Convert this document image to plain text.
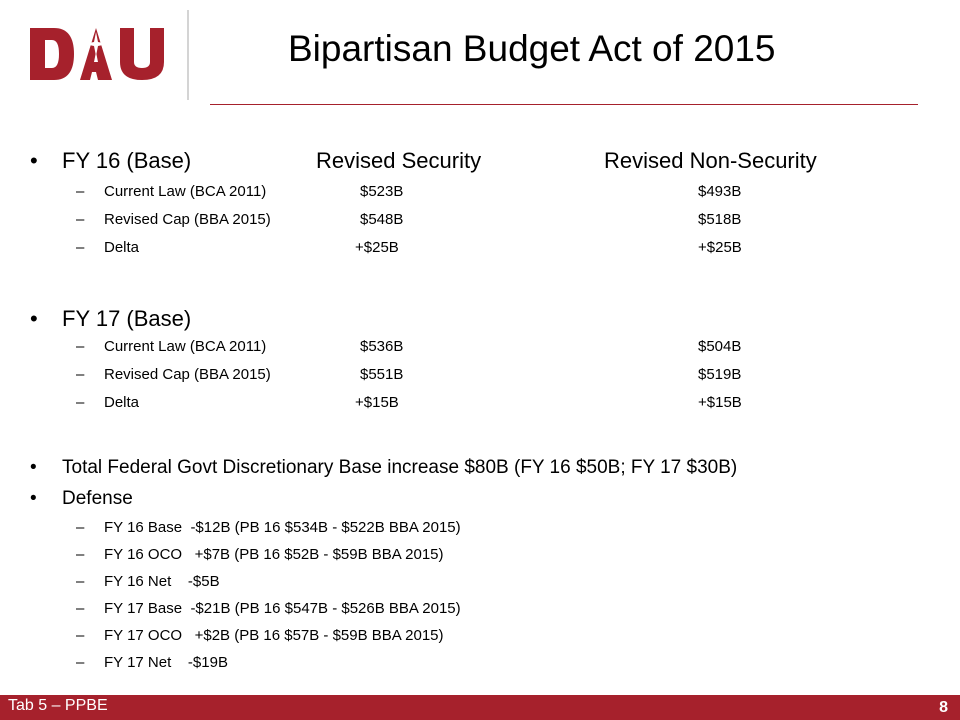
Bipartisan Budget Act of 2015
• FY 16 (Base)	Revised Security	Revised Non-Security
– Current Law (BCA 2011)	$523B	$493B
– Revised Cap (BBA 2015)	$548B	$518B
– Delta	+$25B	+$25B
• FY 17 (Base)
– Current Law (BCA 2011)	$536B	$504B
– Revised Cap (BBA 2015)	$551B	$519B
– Delta	+$15B	+$15B
• Total Federal Govt Discretionary Base increase $80B (FY 16 $50B; FY 17 $30B)
• Defense
– FY 16 Base  -$12B (PB 16 $534B - $522B BBA 2015)
– FY 16 OCO   +$7B (PB 16 $52B - $59B BBA 2015)
– FY 16 Net    -$5B
– FY 17 Base  -$21B (PB 16 $547B - $526B BBA 2015)
– FY 17 OCO   +$2B (PB 16 $57B - $59B BBA 2015)
– FY 17 Net    -$19B
Tab 5 – PPBE	8
